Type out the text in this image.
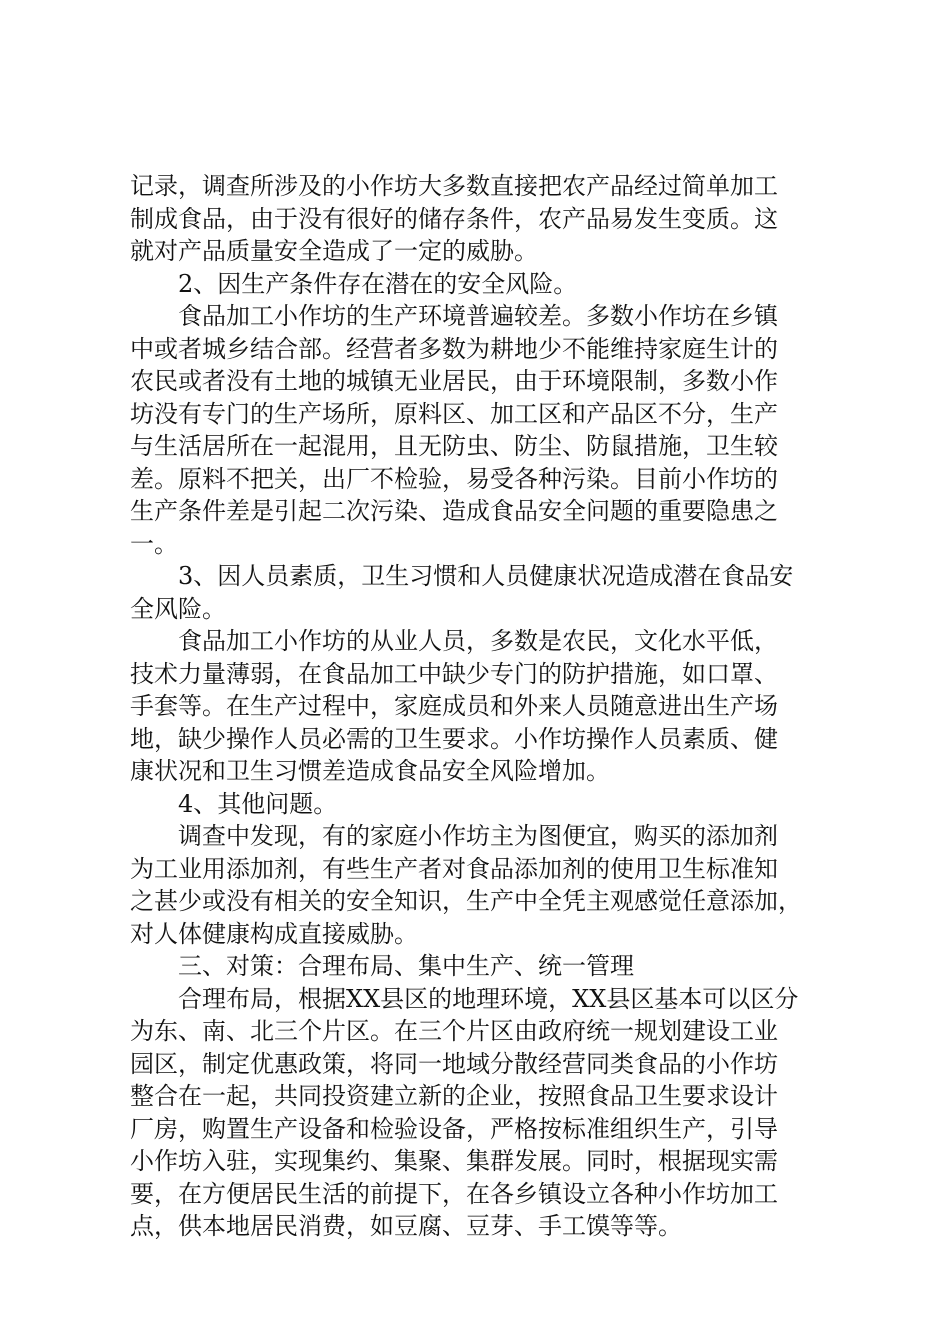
记录，调查所涉及的小作坊大多数直接把农产品经过简单加工
制成食品，由于没有很好的储存条件，农产品易发生变质。这
就对产品质量安全造成了一定的威胁。
2、因生产条件存在潜在的安全风险。
食品加工小作坊的生产环境普遍较差。多数小作坊在乡镇
中或者城乡结合部。经营者多数为耕地少不能维持家庭生计的
农民或者没有土地的城镇无业居民，由于环境限制，多数小作
坊没有专门的生产场所，原料区、加工区和产品区不分，生产
与生活居所在一起混用，且无防虫、防尘、防鼠措施，卫生较
差。原料不把关，出厂不检验，易受各种污染。目前小作坊的
生产条件差是引起二次污染、造成食品安全问题的重要隐患之
一。
3、因人员素质，卫生习惯和人员健康状况造成潜在食品安
全风险。
食品加工小作坊的从业人员，多数是农民，文化水平低，
技术力量薄弱，在食品加工中缺少专门的防护措施，如口罩、
手套等。在生产过程中，家庭成员和外来人员随意进出生产场
地，缺少操作人员必需的卫生要求。小作坊操作人员素质、健
康状况和卫生习惯差造成食品安全风险增加。
4、其他问题。
调查中发现，有的家庭小作坊主为图便宜，购买的添加剂
为工业用添加剂，有些生产者对食品添加剂的使用卫生标准知
之甚少或没有相关的安全知识，生产中全凭主观感觉任意添加，
对人体健康构成直接威胁。
三、对策：合理布局、集中生产、统一管理
合理布局，根据XX县区的地理环境，XX县区基本可以区分
为东、南、北三个片区。在三个片区由政府统一规划建设工业
园区，制定优惠政策，将同一地域分散经营同类食品的小作坊
整合在一起，共同投资建立新的企业，按照食品卫生要求设计
厂房，购置生产设备和检验设备，严格按标准组织生产，引导
小作坊入驻，实现集约、集聚、集群发展。同时，根据现实需
要，在方便居民生活的前提下，在各乡镇设立各种小作坊加工
点，供本地居民消费，如豆腐、豆芽、手工馍等等。
